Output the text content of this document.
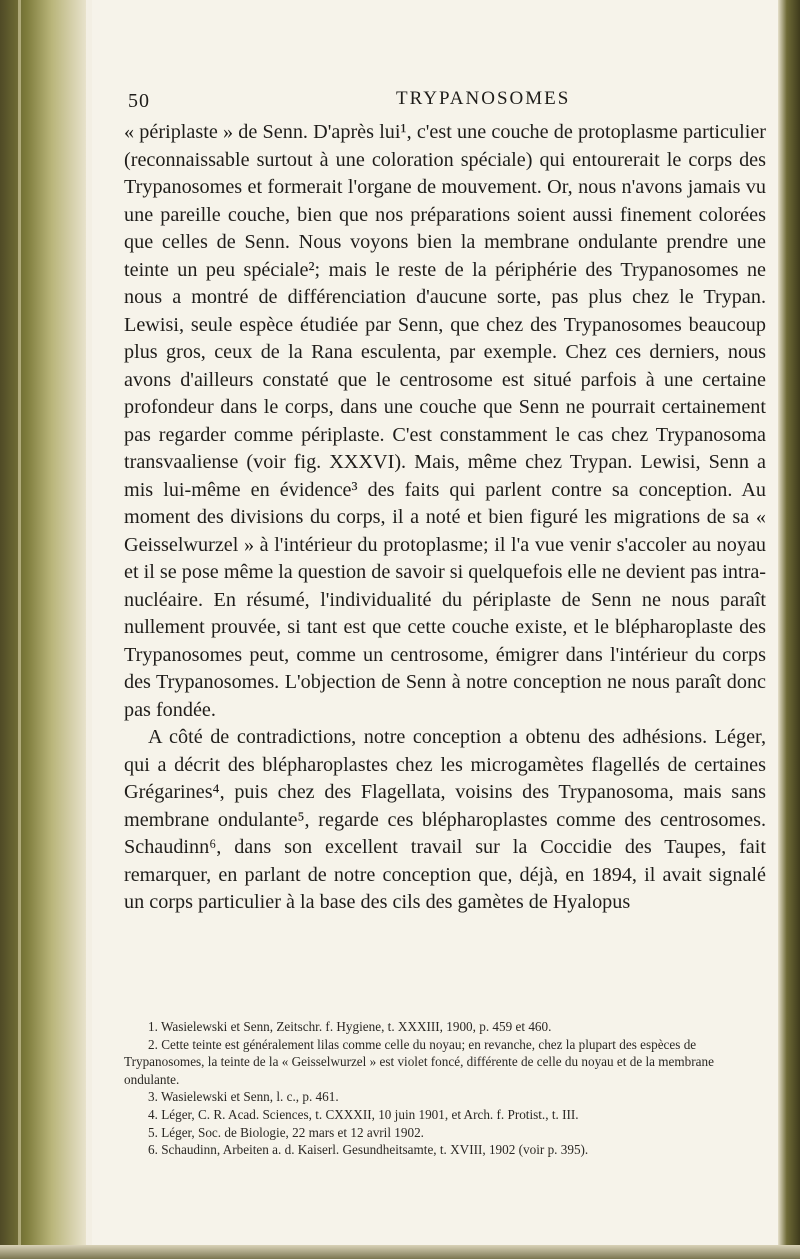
50	TRYPANOSOMES

« périplaste » de Senn. D'après lui¹, c'est une couche de protoplasme particulier (reconnaissable surtout à une coloration spéciale) qui entourerait le corps des Trypanosomes et formerait l'organe de mouvement. Or, nous n'avons jamais vu une pareille couche, bien que nos préparations soient aussi finement colorées que celles de Senn. Nous voyons bien la membrane ondulante prendre une teinte un peu spéciale²; mais le reste de la périphérie des Trypanosomes ne nous a montré de différenciation d'aucune sorte, pas plus chez le Trypan. Lewisi, seule espèce étudiée par Senn, que chez des Trypanosomes beaucoup plus gros, ceux de la Rana esculenta, par exemple. Chez ces derniers, nous avons d'ailleurs constaté que le centrosome est situé parfois à une certaine profondeur dans le corps, dans une couche que Senn ne pourrait certainement pas regarder comme périplaste. C'est constamment le cas chez Trypanosoma transvaaliense (voir fig. XXXVI). Mais, même chez Trypan. Lewisi, Senn a mis lui-même en évidence³ des faits qui parlent contre sa conception. Au moment des divisions du corps, il a noté et bien figuré les migrations de sa « Geisselwurzel » à l'intérieur du protoplasme; il l'a vue venir s'accoler au noyau et il se pose même la question de savoir si quelquefois elle ne devient pas intra-nucléaire. En résumé, l'individualité du périplaste de Senn ne nous paraît nullement prouvée, si tant est que cette couche existe, et le blépharoplaste des Trypanosomes peut, comme un centrosome, émigrer dans l'intérieur du corps des Trypanosomes. L'objection de Senn à notre conception ne nous paraît donc pas fondée.

A côté de contradictions, notre conception a obtenu des adhésions. Léger, qui a décrit des blépharoplastes chez les microgamètes flagellés de certaines Grégarines⁴, puis chez des Flagellata, voisins des Trypanosoma, mais sans membrane ondulante⁵, regarde ces blépharoplastes comme des centrosomes. Schaudinn⁶, dans son excellent travail sur la Coccidie des Taupes, fait remarquer, en parlant de notre conception que, déjà, en 1894, il avait signalé un corps particulier à la base des cils des gamètes de Hyalopus

1. Wasielewski et Senn, Zeitschr. f. Hygiene, t. XXXIII, 1900, p. 459 et 460.
2. Cette teinte est généralement lilas comme celle du noyau; en revanche, chez la plupart des espèces de Trypanosomes, la teinte de la « Geisselwurzel » est violet foncé, différente de celle du noyau et de la membrane ondulante.
3. Wasielewski et Senn, l. c., p. 461.
4. Léger, C. R. Acad. Sciences, t. CXXXII, 10 juin 1901, et Arch. f. Protist., t. III.
5. Léger, Soc. de Biologie, 22 mars et 12 avril 1902.
6. Schaudinn, Arbeiten a. d. Kaiserl. Gesundheitsamte, t. XVIII, 1902 (voir p. 395).
